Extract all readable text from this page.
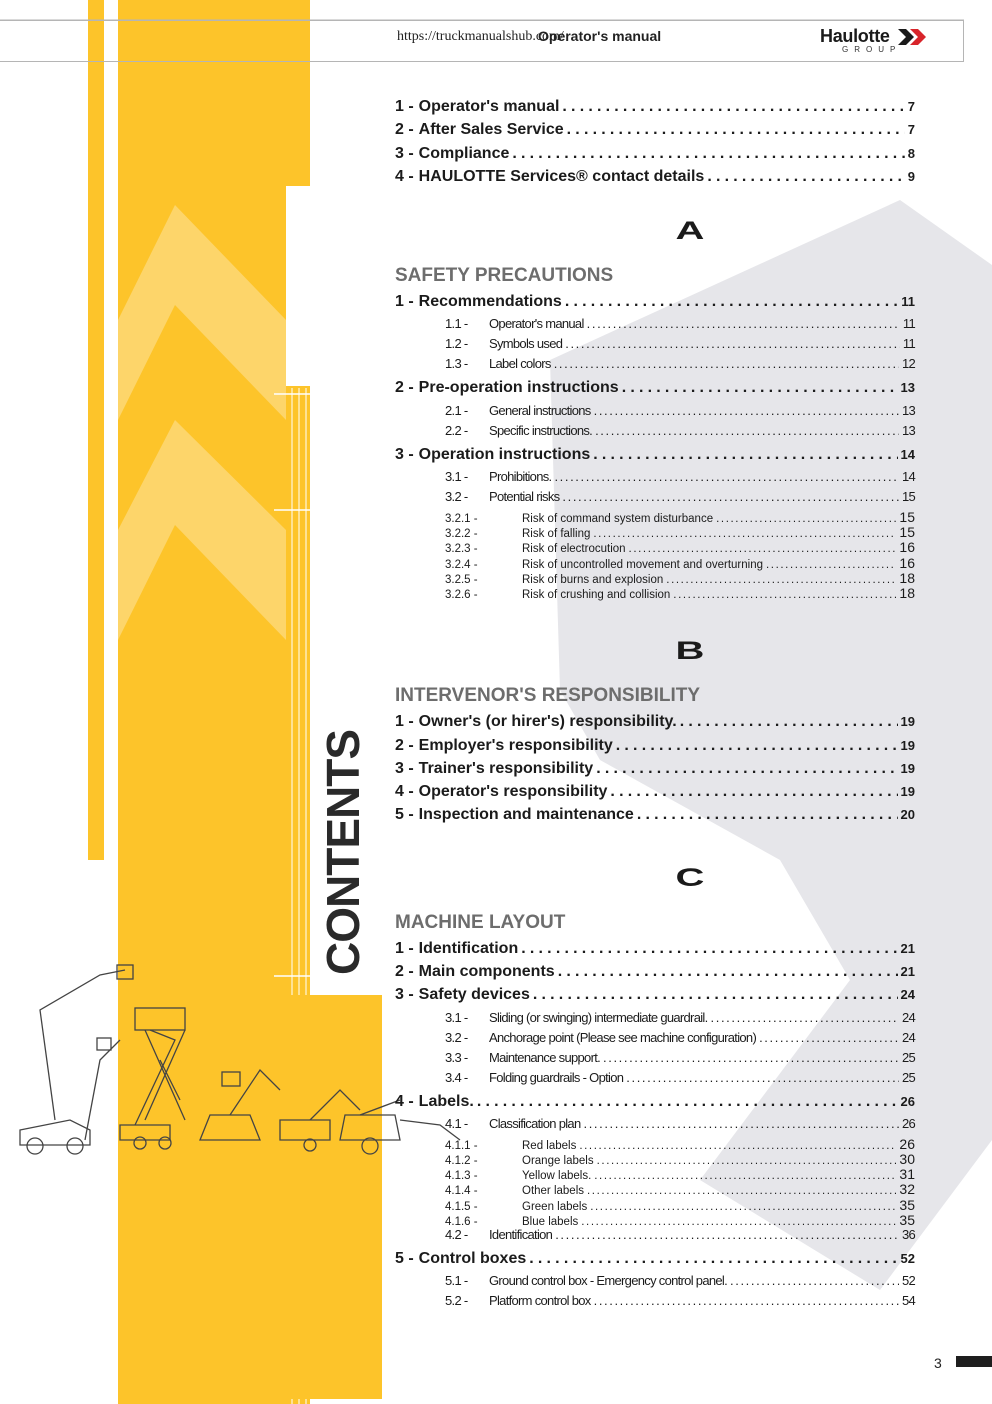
https://truckmanualshub.com/
Operator's manual	Haulotte
GROUP
CONTENTS
1 - Operator's manual .....	7
2 - After Sales Service .....	7
3 - Compliance .....	8
4 - HAULOTTE Services® contact details .....	9
A
SAFETY PRECAUTIONS
1 - Recommendations .....	11
1.1 -	Operator's manual .....	11
1.2 -	Symbols used .....	11
1.3 -	Label colors .....	12
2 - Pre-operation instructions .....	13
2.1 -	General instructions .....	13
2.2 -	Specific instructions. .....	13
3 - Operation instructions .....	14
3.1 -	Prohibitions. .....	14
3.2 -	Potential risks .....	15
3.2.1 -	Risk of command system disturbance .....	15
3.2.2 -	Risk of falling .....	15
3.2.3 -	Risk of electrocution .....	16
3.2.4 -	Risk of uncontrolled movement and overturning .....	16
3.2.5 -	Risk of burns and explosion .....	18
3.2.6 -	Risk of crushing and collision .....	18
B
INTERVENOR'S RESPONSIBILITY
1 - Owner's (or hirer's) responsibility. .....	19
2 - Employer's responsibility .....	19
3 - Trainer's responsibility .....	19
4 - Operator's responsibility .....	19
5 - Inspection and maintenance .....	20
C
MACHINE LAYOUT
1 - Identification .....	21
2 - Main components .....	21
3 - Safety devices .....	24
3.1 -	Sliding (or swinging) intermediate guardrail. .....	24
3.2 -	Anchorage point (Please see machine configuration) .....	24
3.3 -	Maintenance support. .....	25
3.4 -	Folding guardrails - Option .....	25
4 - Labels. .....	26
4.1 -	Classification plan .....	26
4.1.1 -	Red labels .....	26
4.1.2 -	Orange labels .....	30
4.1.3 -	Yellow labels. .....	31
4.1.4 -	Other labels .....	32
4.1.5 -	Green labels .....	35
4.1.6 -	Blue labels .....	35
4.2 -	Identification .....	36
5 - Control boxes .....	52
5.1 -	Ground control box - Emergency control panel. .....	52
5.2 -	Platform control box .....	54
3
